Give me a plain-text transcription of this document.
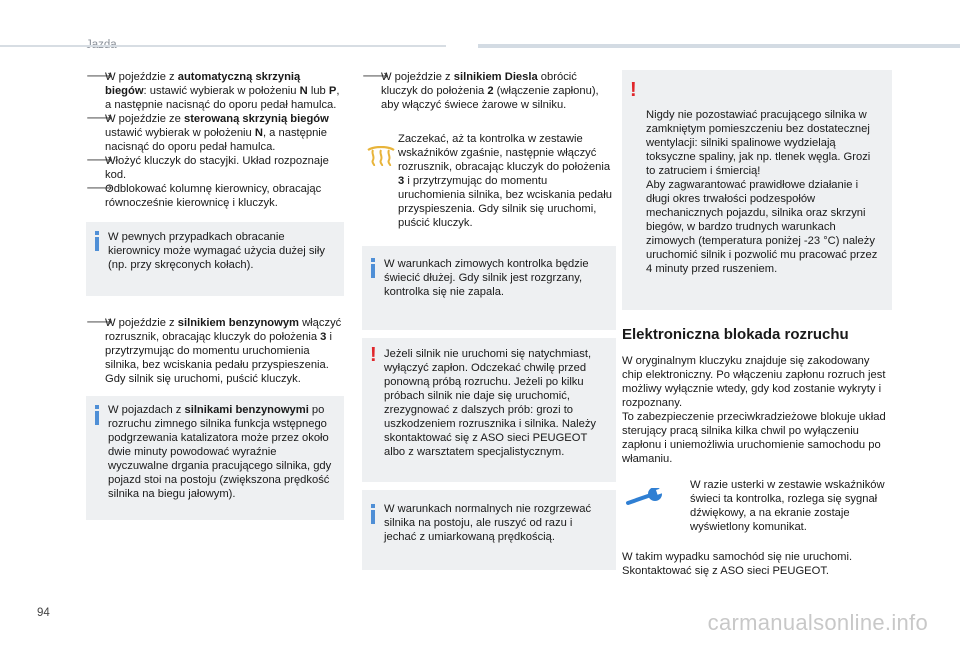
🡒

W pojeździe z automatyczną skrzynią biegów: ustawić wybierak w położeniu N lub P, a następnie nacisnąć do oporu pedał hamulca.

🡒

W pojeździe ze sterowaną skrzynią biegów ustawić wybierak w położeniu N, a następnie nacisnąć do oporu pedał hamulca.

🡒

Włożyć kluczyk do stacyjki. Układ rozpoznaje kod.

🡒

Odblokować kolumnę kierownicy, obracając równocześnie kierownicę i kluczyk.

W pewnych przypadkach obracanie kierownicy może wymagać użycia dużej siły (np. przy skręconych kołach).

🡒

W pojeździe z silnikiem benzynowym włączyć rozrusznik, obracając kluczyk do położenia 3 i przytrzymując do momentu uruchomienia silnika, bez wciskania pedału przyspieszenia. Gdy silnik się uruchomi, puścić kluczyk.

W pojazdach z silnikami benzynowymi po rozruchu zimnego silnika funkcja wstępnego podgrzewania katalizatora może przez około dwie minuty powodować wyraźnie wyczuwalne drgania pracującego silnika, gdy pojazd stoi na postoju (zwiększona prędkość silnika na biegu jałowym).

🡒

W pojeździe z silnikiem Diesla obrócić kluczyk do położenia 2 (włączenie zapłonu), aby włączyć świece żarowe w silniku.

Zaczekać, aż ta kontrolka w zestawie wskaźników zgaśnie, następnie włączyć rozrusznik, obracając kluczyk do położenia 3 i przytrzymując do momentu uruchomienia silnika, bez wciskania pedału przyspieszenia. Gdy silnik się uruchomi, puścić kluczyk.

W warunkach zimowych kontrolka będzie świecić dłużej. Gdy silnik jest rozgrzany, kontrolka się nie zapala.

! Jeżeli silnik nie uruchomi się natychmiast, wyłączyć zapłon. Odczekać chwilę przed ponowną próbą rozruchu. Jeżeli po kilku próbach silnik nie daje się uruchomić, zrezygnować z dalszych prób: grozi to uszkodzeniem rozrusznika i silnika. Należy skontaktować się z ASO sieci PEUGEOT albo z warsztatem specjalistycznym.

W warunkach normalnych nie rozgrzewać silnika na postoju, ale ruszyć od razu i jechać z umiarkowaną prędkością.

!

Nigdy nie pozostawiać pracującego silnika w zamkniętym pomieszczeniu bez dostatecznej wentylacji: silniki spalinowe wydzielają toksyczne spaliny, jak np. tlenek węgla. Grozi to zatruciem i śmiercią!
Aby zagwarantować prawidłowe działanie i długi okres trwałości podzespołów mechanicznych pojazdu, silnika oraz skrzyni biegów, w bardzo trudnych warunkach zimowych (temperatura poniżej -23 °C) należy uruchomić silnik i pozwolić mu pracować przez 4 minuty przed ruszeniem.

Elektroniczna blokada rozruchu

W oryginalnym kluczyku znajduje się zakodowany chip elektroniczny. Po włączeniu zapłonu rozruch jest możliwy wyłącznie wtedy, gdy kod zostanie wykryty i rozpoznany.
To zabezpieczenie przeciwkradzieżowe blokuje układ sterujący pracą silnika kilka chwil po wyłączeniu zapłonu i uniemożliwia uruchomienie samochodu po włamaniu.

W razie usterki w zestawie wskaźników świeci ta kontrolka, rozlega się sygnał dźwiękowy, a na ekranie zostaje wyświetlony komunikat.

W takim wypadku samochód się nie uruchomi. Skontaktować się z ASO sieci PEUGEOT.

94	carmanualsonline.info
